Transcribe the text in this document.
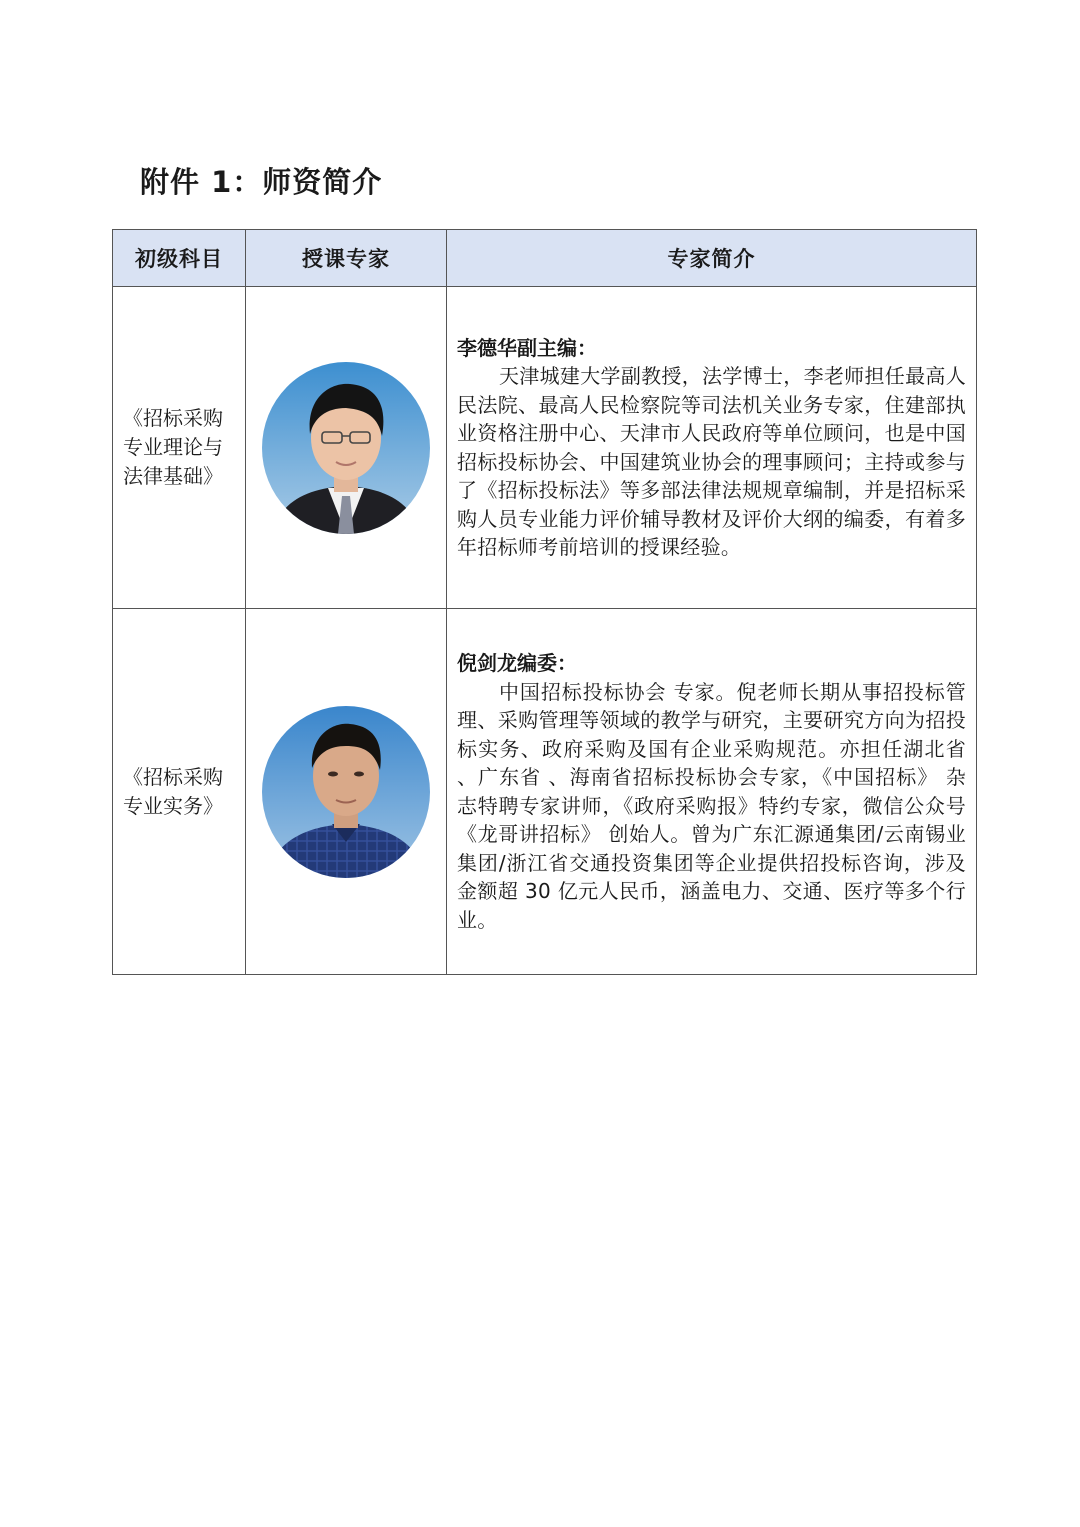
附件 1：师资简介
初级科目	授课专家	专家简介
《招标采购专业理论与法律基础》		李德华副主编：

天津城建大学副教授，法学博士，李老师担任最高人民法院、最高人民检察院等司法机关业务专家，住建部执业资格注册中心、天津市人民政府等单位顾问，也是中国招标投标协会、中国建筑业协会的理事顾问；主持或参与了《招标投标法》等多部法律法规规章编制，并是招标采购人员专业能力评价辅导教材及评价大纲的编委，有着多年招标师考前培训的授课经验。

《招标采购专业实务》		倪剑龙编委：

中国招标投标协会 专家。倪老师长期从事招投标管理、采购管理等领域的教学与研究，主要研究方向为招投标实务、政府采购及国有企业采购规范。亦担任湖北省 、广东省 、海南省招标投标协会专家，《中国招标》 杂志特聘专家讲师，《政府采购报》特约专家，微信公众号 《龙哥讲招标》 创始人。曾为广东汇源通集团/云南锡业集团/浙江省交通投资集团等企业提供招投标咨询，涉及金额超 30 亿元人民币，涵盖电力、交通、医疗等多个行业。
